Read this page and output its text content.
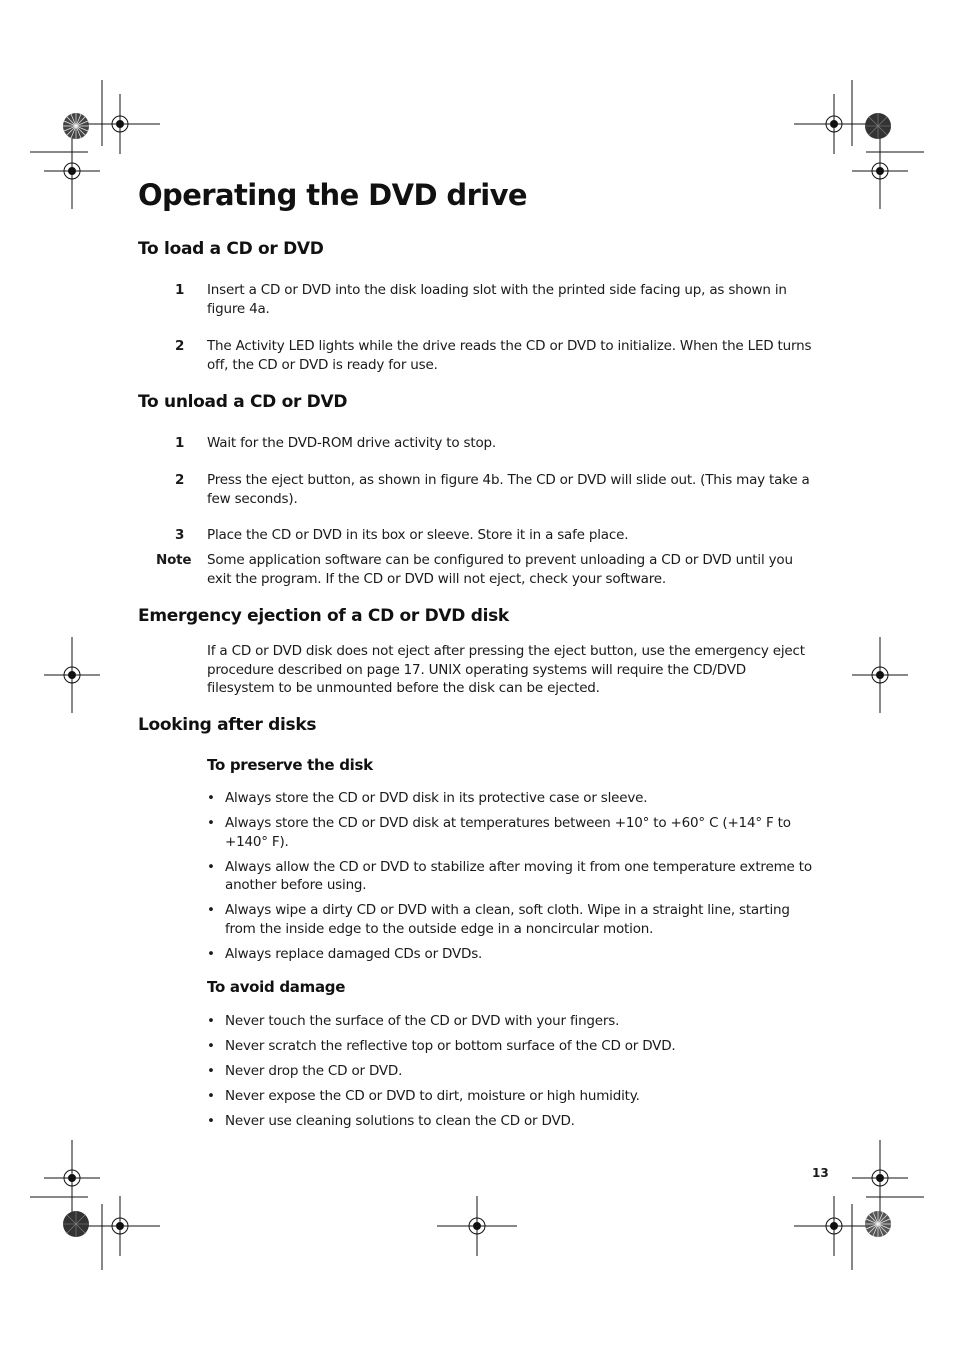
Operating the DVD drive
To load a CD or DVD
1 Insert a CD or DVD into the disk loading slot with the printed side facing up, as shown in figure 4a.
2 The Activity LED lights while the drive reads the CD or DVD to initialize. When the LED turns off, the CD or DVD is ready for use.
To unload a CD or DVD
1 Wait for the DVD-ROM drive activity to stop.
2 Press the eject button, as shown in figure 4b. The CD or DVD will slide out. (This may take a few seconds).
3 Place the CD or DVD in its box or sleeve. Store it in a safe place.
Note Some application software can be configured to prevent unloading a CD or DVD until you exit the program. If the CD or DVD will not eject, check your software.
Emergency ejection of a CD or DVD disk

If a CD or DVD disk does not eject after pressing the eject button, use the emergency eject procedure described on page 17. UNIX operating systems will require the CD/DVD filesystem to be unmounted before the disk can be ejected.

Looking after disks
To preserve the disk
• Always store the CD or DVD disk in its protective case or sleeve.
• Always store the CD or DVD disk at temperatures between +10° to +60° C (+14° F to +140° F).
• Always allow the CD or DVD to stabilize after moving it from one temperature extreme to another before using.
• Always wipe a dirty CD or DVD with a clean, soft cloth. Wipe in a straight line, starting from the inside edge to the outside edge in a noncircular motion.
• Always replace damaged CDs or DVDs.
To avoid damage
• Never touch the surface of the CD or DVD with your fingers.
• Never scratch the reflective top or bottom surface of the CD or DVD.
• Never drop the CD or DVD.
• Never expose the CD or DVD to dirt, moisture or high humidity.
• Never use cleaning solutions to clean the CD or DVD.
13
